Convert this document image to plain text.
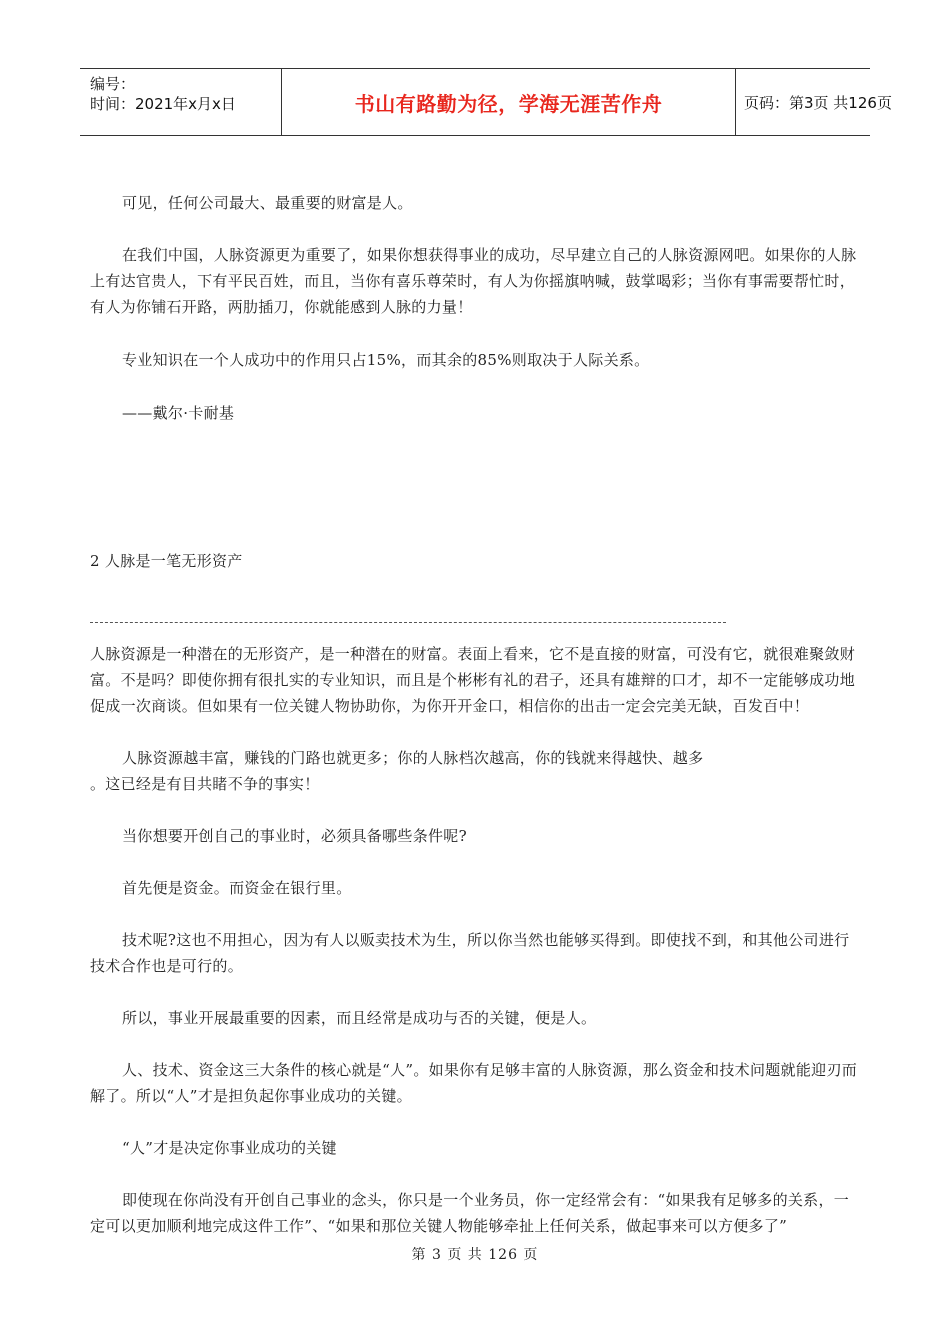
编号：
时间：2021年x月x日	书山有路勤为径，学海无涯苦作舟	页码：第3页 共126页

可见，任何公司最大、最重要的财富是人。

在我们中国，人脉资源更为重要了，如果你想获得事业的成功，尽早建立自己的人脉资源网吧。如果你的人脉上有达官贵人，下有平民百姓，而且，当你有喜乐尊荣时，有人为你摇旗呐喊，鼓掌喝彩；当你有事需要帮忙时，有人为你铺石开路，两肋插刀，你就能感到人脉的力量！

专业知识在一个人成功中的作用只占15%，而其余的85%则取决于人际关系。

——戴尔·卡耐基

2 人脉是一笔无形资产

人脉资源是一种潜在的无形资产，是一种潜在的财富。表面上看来，它不是直接的财富，可没有它，就很难聚敛财富。不是吗？即使你拥有很扎实的专业知识，而且是个彬彬有礼的君子，还具有雄辩的口才，却不一定能够成功地促成一次商谈。但如果有一位关键人物协助你，为你开开金口，相信你的出击一定会完美无缺，百发百中！

人脉资源越丰富，赚钱的门路也就更多；你的人脉档次越高，你的钱就来得越快、越多

。这已经是有目共睹不争的事实！

当你想要开创自己的事业时，必须具备哪些条件呢?

首先便是资金。而资金在银行里。

技术呢?这也不用担心，因为有人以贩卖技术为生，所以你当然也能够买得到。即使找不到，和其他公司进行技术合作也是可行的。

所以，事业开展最重要的因素，而且经常是成功与否的关键，便是人。

人、技术、资金这三大条件的核心就是“人”。如果你有足够丰富的人脉资源，那么资金和技术问题就能迎刃而解了。所以“人”才是担负起你事业成功的关键。

“人”才是决定你事业成功的关键

即使现在你尚没有开创自己事业的念头，你只是一个业务员，你一定经常会有：“如果我有足够多的关系，一定可以更加顺利地完成这件工作”、“如果和那位关键人物能够牵扯上任何关系，做起事来可以方便多了”

第 3 页 共 126 页
